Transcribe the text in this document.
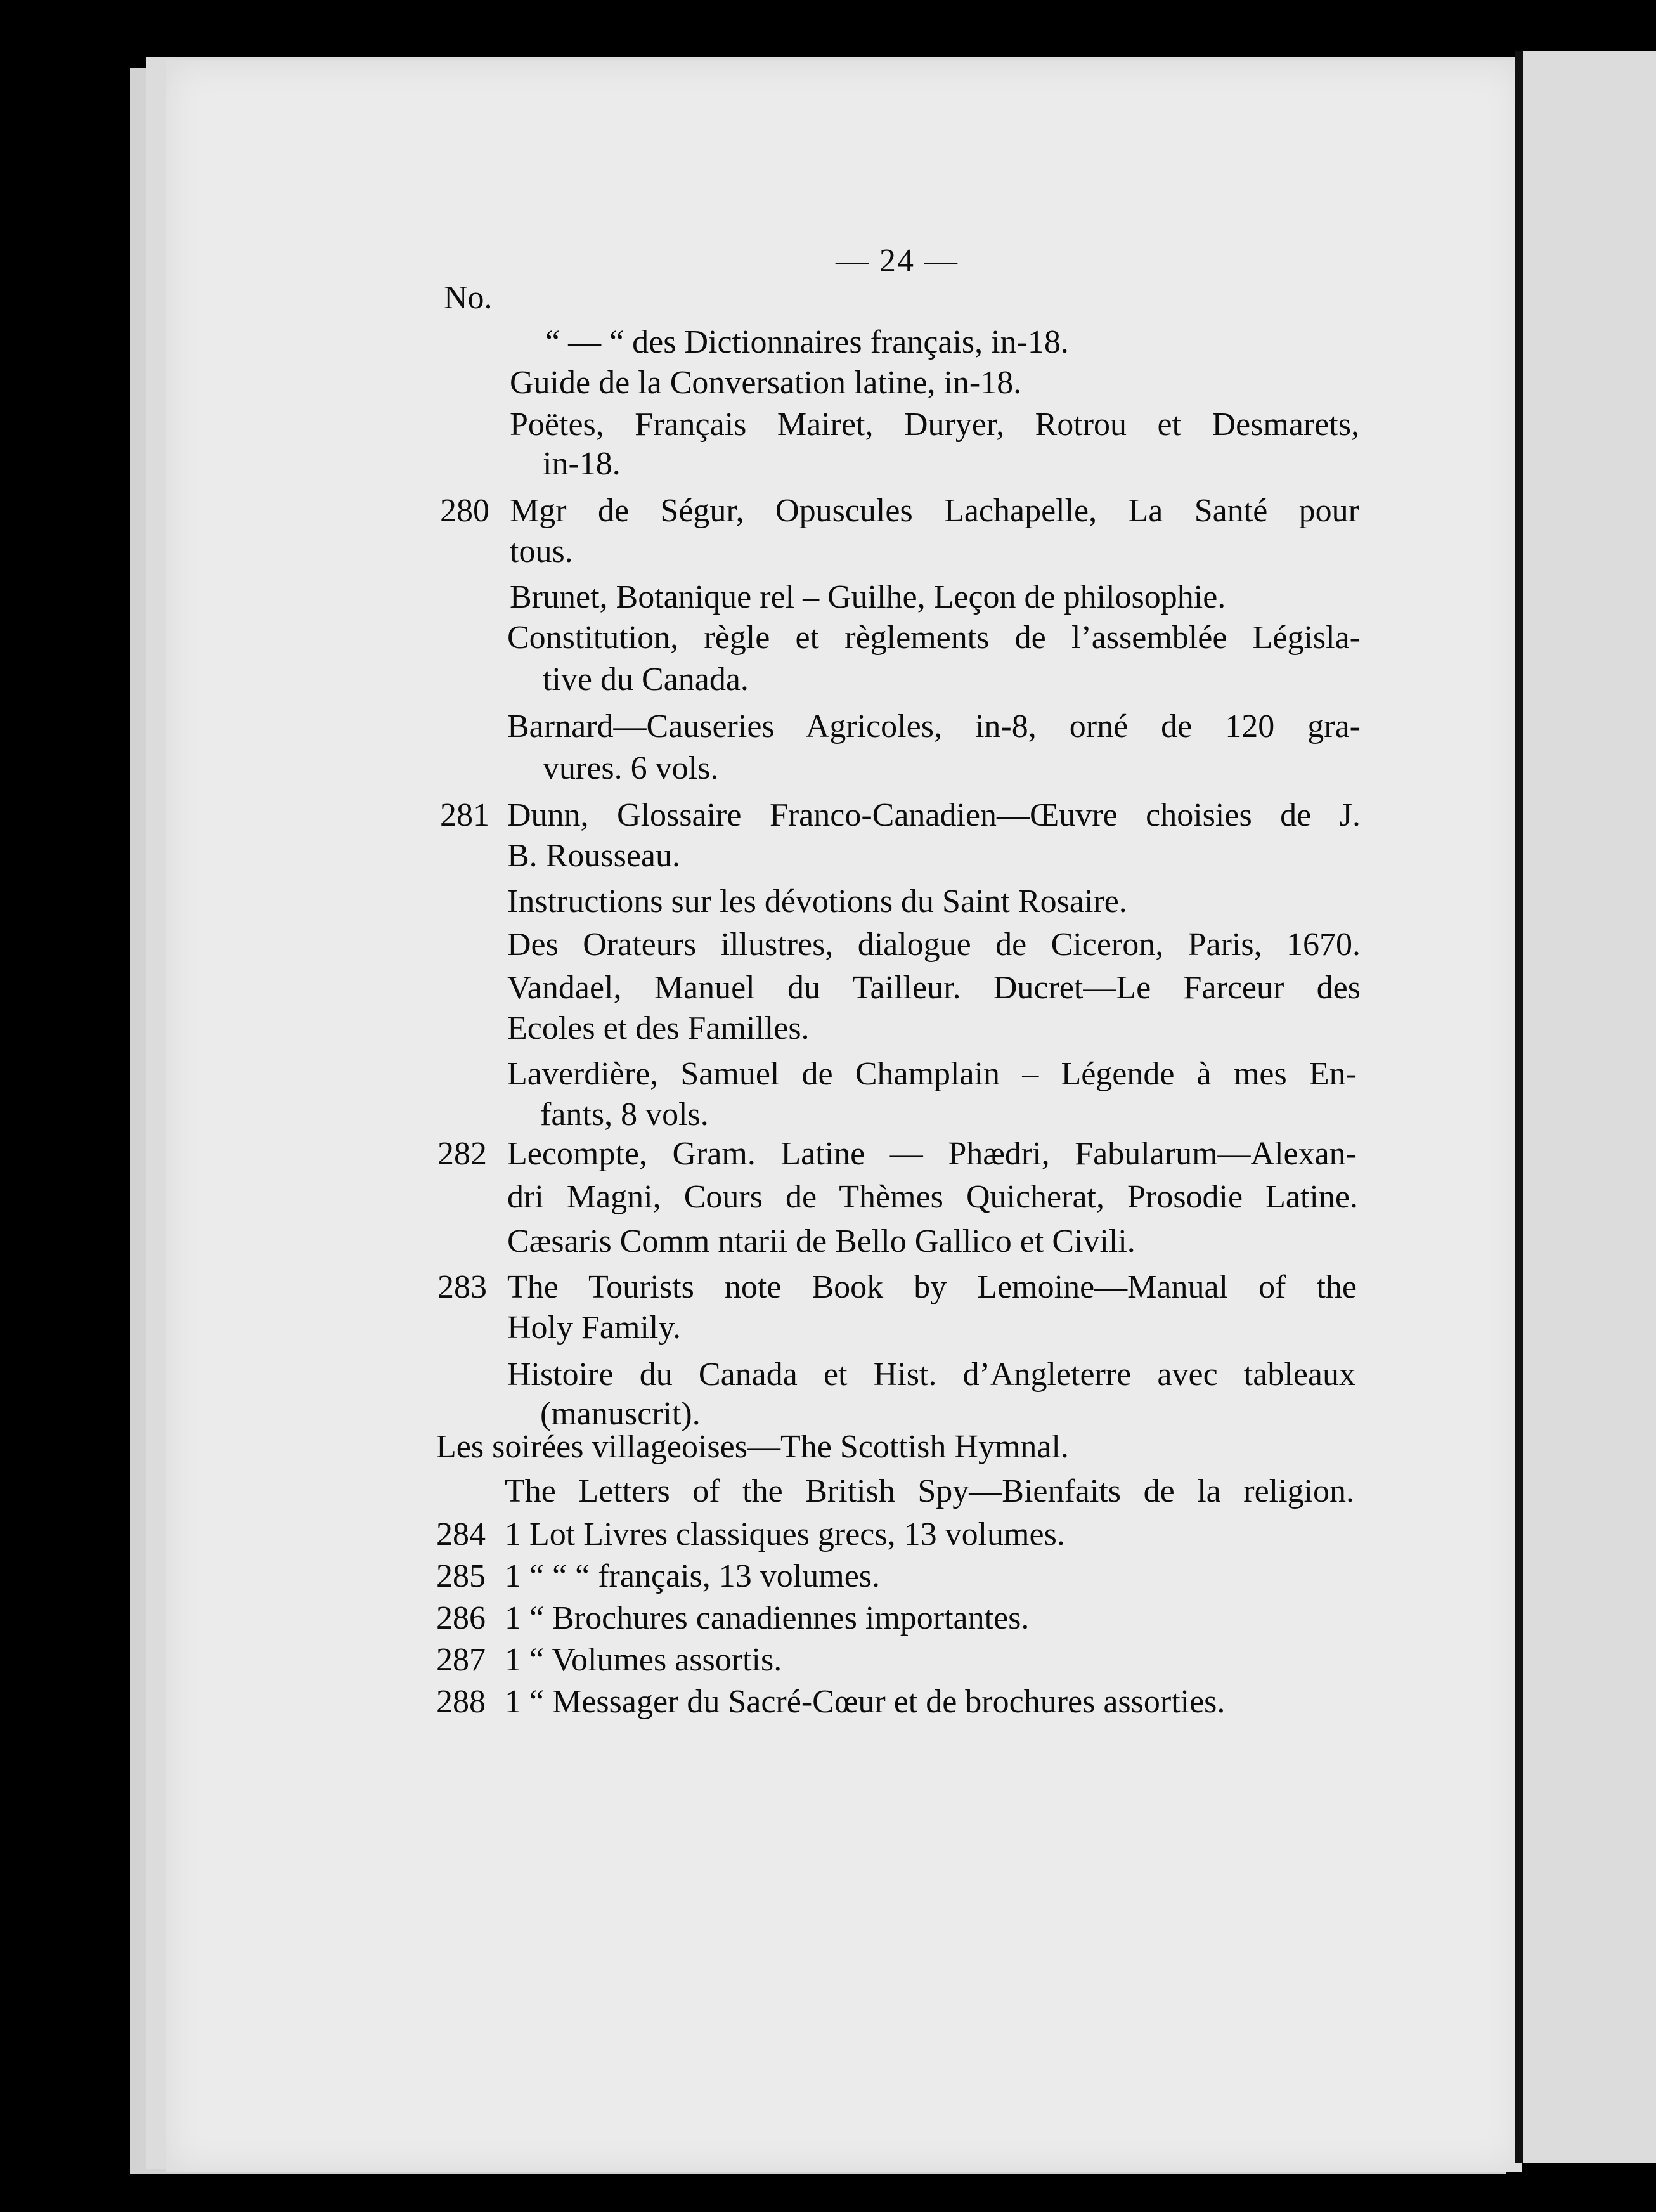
— 24 —
No.
“ — “ des Dictionnaires français, in-18.
Guide de la Conversation latine, in-18.
Poëtes, Français Mairet, Duryer, Rotrou et Desmarets,
in-18.
280 Mgr de Ségur, Opuscules Lachapelle, La Santé pour
tous.
Brunet, Botanique rel – Guilhe, Leçon de philosophie.
Constitution, règle et règlements de l’assemblée Législa-
tive du Canada.
Barnard—Causeries Agricoles, in-8, orné de 120 gra-
vures. 6 vols.
281 Dunn, Glossaire Franco-Canadien—Œuvre choisies de J.
B. Rousseau.
Instructions sur les dévotions du Saint Rosaire.
Des Orateurs illustres, dialogue de Ciceron, Paris, 1670.
Vandael, Manuel du Tailleur. Ducret—Le Farceur des
Ecoles et des Familles.
Laverdière, Samuel de Champlain – Légende à mes En-
fants, 8 vols.
282 Lecompte, Gram. Latine — Phædri, Fabularum—Alexan-
dri Magni, Cours de Thèmes Quicherat, Prosodie Latine.
Cæsaris Comm ntarii de Bello Gallico et Civili.
283 The Tourists note Book by Lemoine—Manual of the
Holy Family.
Histoire du Canada et Hist. d’Angleterre avec tableaux
(manuscrit).
Les soirées villageoises—The Scottish Hymnal.
The Letters of the British Spy—Bienfaits de la religion.
284 1 Lot Livres classiques grecs, 13 volumes.
285 1 “ “ “ français, 13 volumes.
286 1 “ Brochures canadiennes importantes.
287 1 “ Volumes assortis.
288 1 “ Messager du Sacré-Cœur et de brochures assorties.
